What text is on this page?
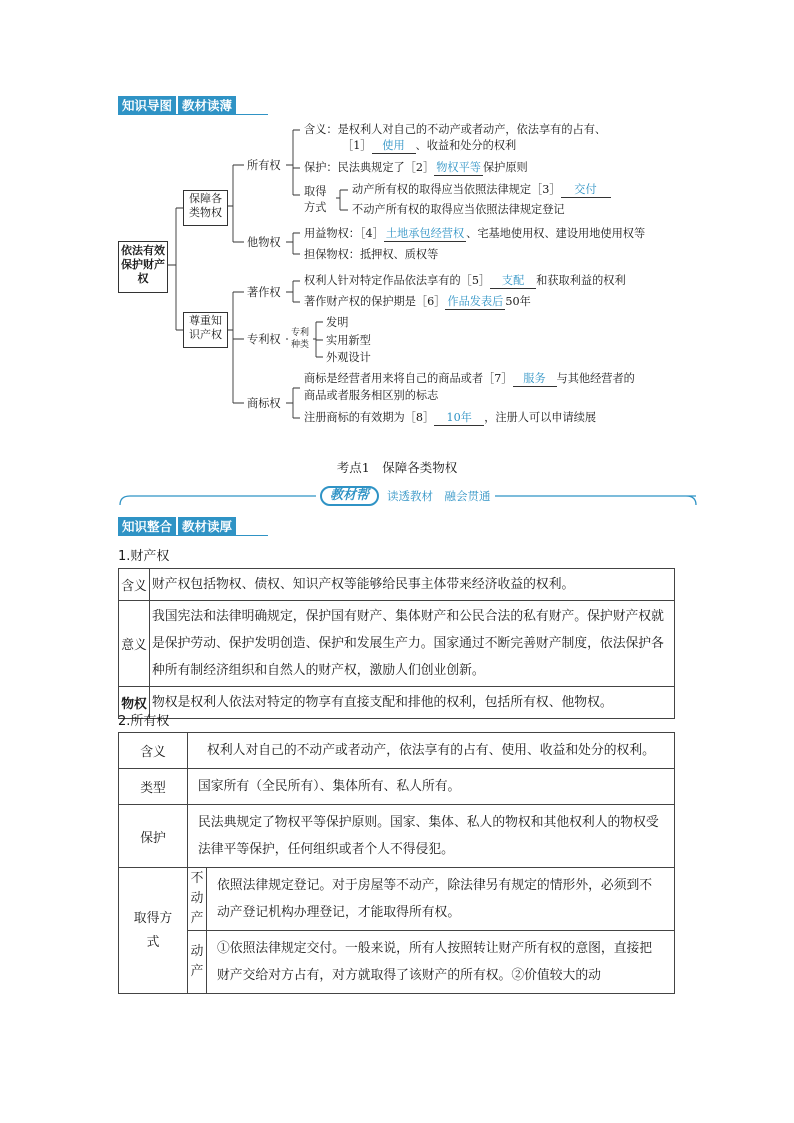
知识导图 教材读薄
依法有效保护财产权
保障各类物权
尊重知识产权
所有权
他物权
著作权
专利权	专利种类
商标权
含义：是权利人对自己的不动产或者动产，依法享有的占有、
［1］ 使用 、收益和处分的权利
保护：民法典规定了［2］ 物权平等 保护原则
取得
方式
动产所有权的取得应当依照法律规定［3］ 交付
不动产所有权的取得应当依照法律规定登记
用益物权：［4］ 土地承包经营权 、宅基地使用权、建设用地使用权等
担保物权：抵押权、质权等
权利人针对特定作品依法享有的［5］ 支配 和获取利益的权利
著作财产权的保护期是［6］ 作品发表后 50年
发明
实用新型
外观设计
商标是经营者用来将自己的商品或者［7］ 服务 与其他经营者的
商品或者服务相区别的标志
注册商标的有效期为［8］ 10年 ，注册人可以申请续展
考点1　保障各类物权
教材帮	读透教材　融会贯通
知识整合 教材读厚
1.财产权
含义	财产权包括物权、债权、知识产权等能够给民事主体带来经济收益的权利。
意义	我国宪法和法律明确规定，保护国有财产、集体财产和公民合法的私有财产。保护财产权就是保护劳动、保护发明创造、保护和发展生产力。国家通过不断完善财产制度，依法保护各种所有制经济组织和自然人的财产权，激励人们创业创新。
物权	物权是权利人依法对特定的物享有直接支配和排他的权利，包括所有权、他物权。
2.所有权
含义	权利人对自己的不动产或者动产，依法享有的占有、使用、收益和处分的权利。	
类型	国家所有（全民所有）、集体所有、私人所有。	
保护	民法典规定了物权平等保护原则。国家、集体、私人的物权和其他权利人的物权受法律平等保护，任何组织或者个人不得侵犯。	
取得方式	不动产	依照法律规定登记。对于房屋等不动产，除法律另有规定的情形外，必须到不动产登记机构办理登记，才能取得所有权。
	动产	①依照法律规定交付。一般来说，所有人按照转让财产所有权的意图，直接把财产交给对方占有，对方就取得了该财产的所有权。②价值较大的动
